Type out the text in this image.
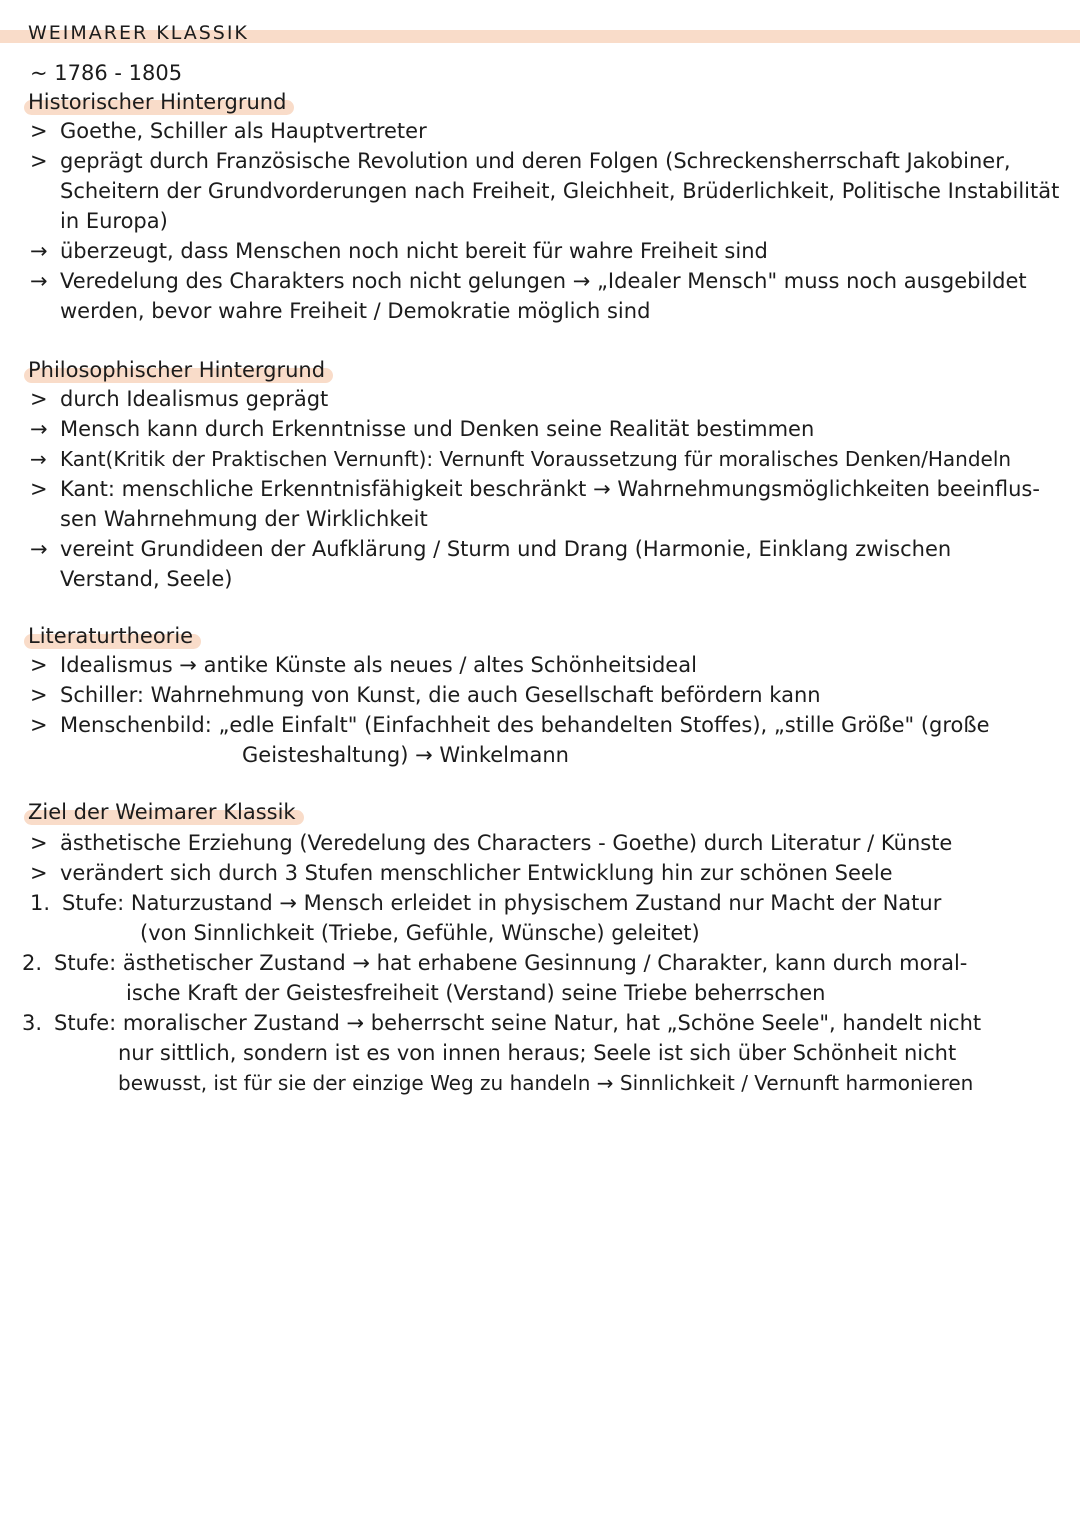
WEIMARER KLASSIK
~ 1786 - 1805
Historischer Hintergrund
> Goethe, Schiller als Hauptvertreter
> geprägt durch Französische Revolution und deren Folgen (Schreckensherrschaft Jakobiner,
Scheitern der Grundvorderungen nach Freiheit, Gleichheit, Brüderlichkeit, Politische Instabilität
in Europa)
→ überzeugt, dass Menschen noch nicht bereit für wahre Freiheit sind
→ Veredelung des Charakters noch nicht gelungen → „Idealer Mensch" muss noch ausgebildet
werden, bevor wahre Freiheit / Demokratie möglich sind
Philosophischer Hintergrund
> durch Idealismus geprägt
→ Mensch kann durch Erkenntnisse und Denken seine Realität bestimmen
→ Kant(Kritik der Praktischen Vernunft): Vernunft Voraussetzung für moralisches Denken/Handeln
> Kant: menschliche Erkenntnisfähigkeit beschränkt → Wahrnehmungsmöglichkeiten beeinflus-
sen Wahrnehmung der Wirklichkeit
→ vereint Grundideen der Aufklärung / Sturm und Drang (Harmonie, Einklang zwischen
Verstand, Seele)
Literaturtheorie
> Idealismus → antike Künste als neues / altes Schönheitsideal
> Schiller: Wahrnehmung von Kunst, die auch Gesellschaft befördern kann
> Menschenbild: „edle Einfalt" (Einfachheit des behandelten Stoffes), „stille Größe" (große
Geisteshaltung) → Winkelmann
Ziel der Weimarer Klassik
> ästhetische Erziehung (Veredelung des Characters - Goethe) durch Literatur / Künste
> verändert sich durch 3 Stufen menschlicher Entwicklung hin zur schönen Seele
1. Stufe: Naturzustand → Mensch erleidet in physischem Zustand nur Macht der Natur
(von Sinnlichkeit (Triebe, Gefühle, Wünsche) geleitet)
2. Stufe: ästhetischer Zustand → hat erhabene Gesinnung / Charakter, kann durch moral-
ische Kraft der Geistesfreiheit (Verstand) seine Triebe beherrschen
3. Stufe: moralischer Zustand → beherrscht seine Natur, hat „Schöne Seele", handelt nicht
nur sittlich, sondern ist es von innen heraus; Seele ist sich über Schönheit nicht
bewusst, ist für sie der einzige Weg zu handeln → Sinnlichkeit / Vernunft harmonieren
